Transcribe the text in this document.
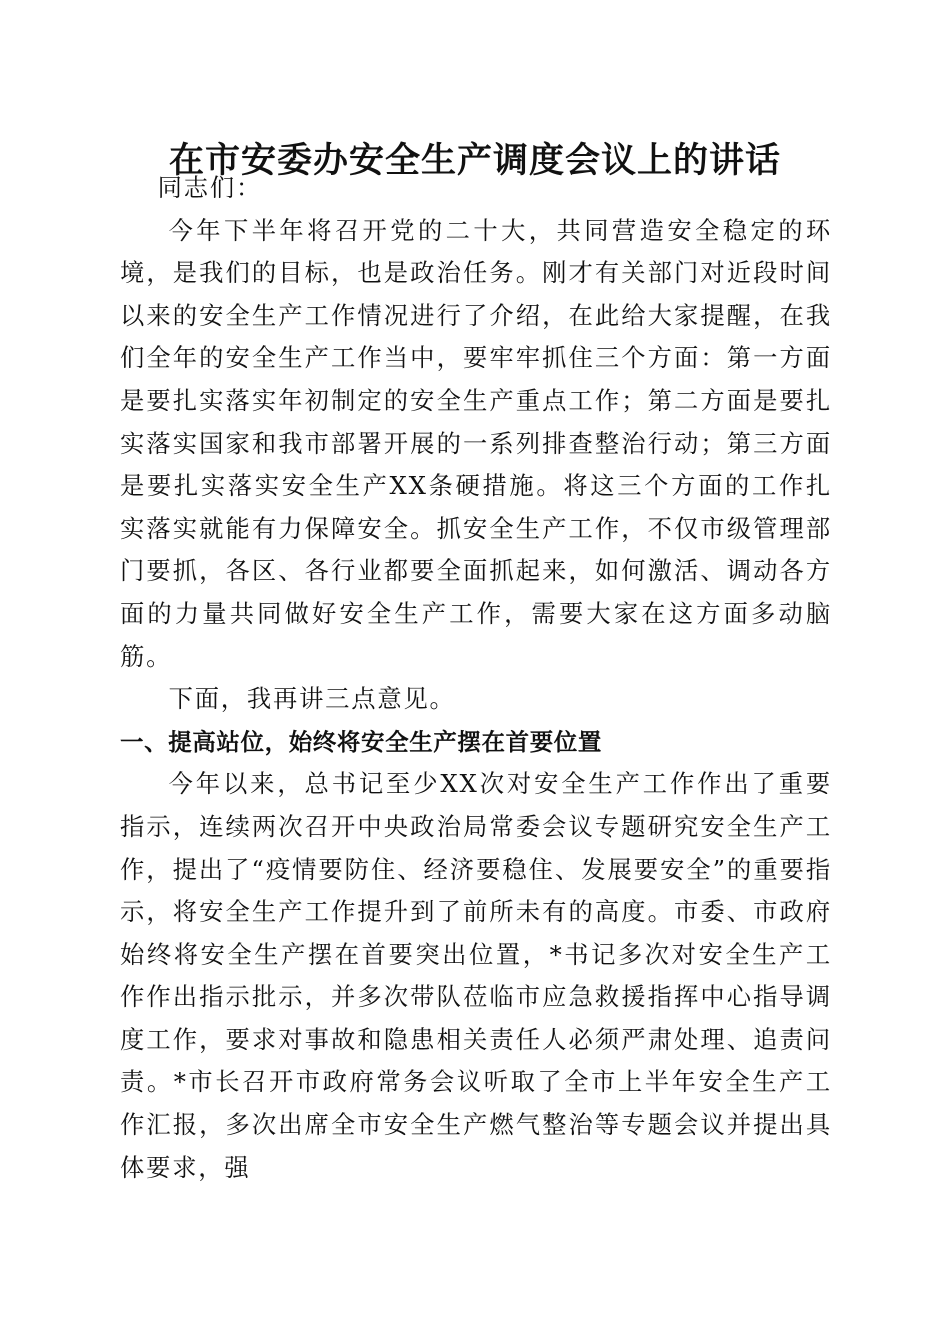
在市安委办安全生产调度会议上的讲话

同志们：

今年下半年将召开党的二十大，共同营造安全稳定的环境，是我们的目标，也是政治任务。刚才有关部门对近段时间以来的安全生产工作情况进行了介绍，在此给大家提醒，在我们全年的安全生产工作当中，要牢牢抓住三个方面：第一方面是要扎实落实年初制定的安全生产重点工作；第二方面是要扎实落实国家和我市部署开展的一系列排查整治行动；第三方面是要扎实落实安全生产XX条硬措施。将这三个方面的工作扎实落实就能有力保障安全。抓安全生产工作，不仅市级管理部门要抓，各区、各行业都要全面抓起来，如何激活、调动各方面的力量共同做好安全生产工作，需要大家在这方面多动脑筋。

下面，我再讲三点意见。

一、提高站位，始终将安全生产摆在首要位置

今年以来，总书记至少XX次对安全生产工作作出了重要指示，连续两次召开中央政治局常委会议专题研究安全生产工作，提出了“疫情要防住、经济要稳住、发展要安全”的重要指示，将安全生产工作提升到了前所未有的高度。市委、市政府始终将安全生产摆在首要突出位置，*书记多次对安全生产工作作出指示批示，并多次带队莅临市应急救援指挥中心指导调度工作，要求对事故和隐患相关责任人必须严肃处理、追责问责。*市长召开市政府常务会议听取了全市上半年安全生产工作汇报，多次出席全市安全生产燃气整治等专题会议并提出具体要求，强
